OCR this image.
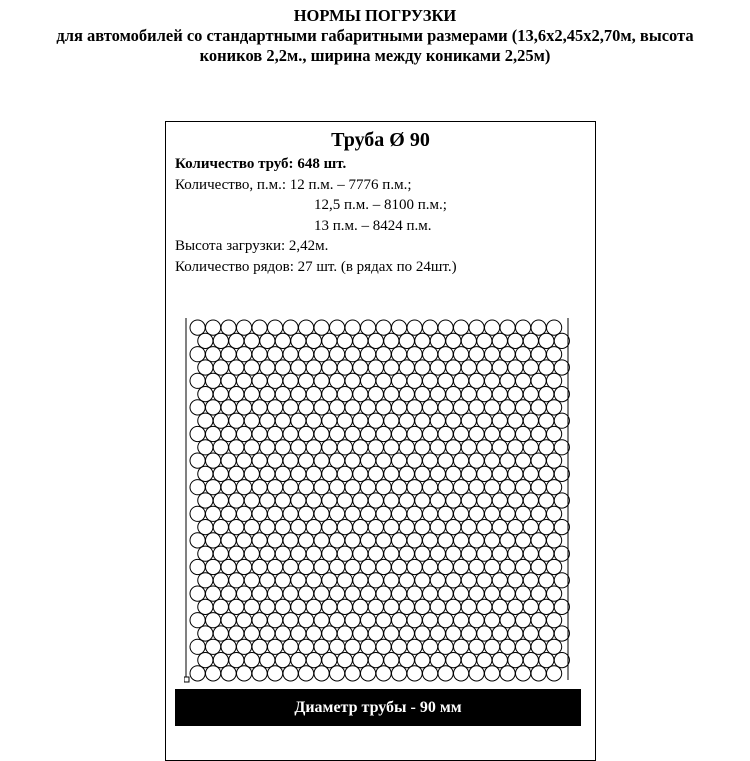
НОРМЫ ПОГРУЗКИ
для автомобилей со стандартными габаритными размерами (13,6х2,45х2,70м, высота
коников 2,2м., ширина между кониками 2,25м)
Труба Ø 90
Количество труб: 648 шт.
Количество, п.м.: 12 п.м. – 7776 п.м.;
12,5 п.м. – 8100 п.м.;
13 п.м. – 8424 п.м.
Высота загрузки: 2,42м.
Количество рядов: 27 шт. (в рядах по 24шт.)
Диаметр трубы - 90 мм
